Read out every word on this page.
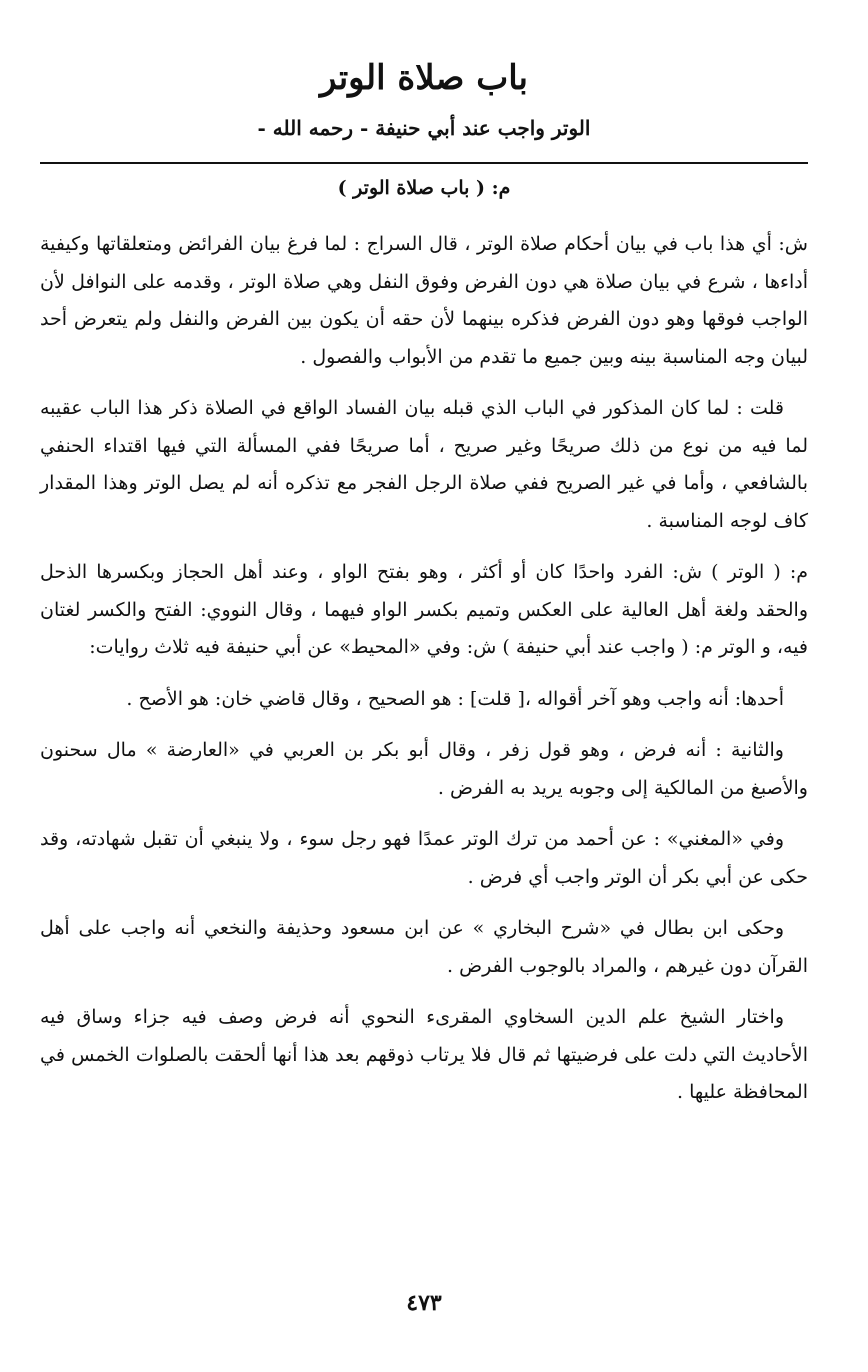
باب صلاة الوتر
الوتر واجب عند أبي حنيفة - رحمه الله -
م: ( باب صلاة الوتر )

ش: أي هذا باب في بيان أحكام صلاة الوتر ، قال السراج : لما فرغ بيان الفرائض ومتعلقاتها وكيفية أداءها ، شرع في بيان صلاة هي دون الفرض وفوق النفل وهي صلاة الوتر ، وقدمه على النوافل لأن الواجب فوقها وهو دون الفرض فذكره بينهما لأن حقه أن يكون بين الفرض والنفل ولم يتعرض أحد لبيان وجه المناسبة بينه وبين جميع ما تقدم من الأبواب والفصول .

قلت : لما كان المذكور في الباب الذي قبله بيان الفساد الواقع في الصلاة ذكر هذا الباب عقيبه لما فيه من نوع من ذلك صريحًا وغير صريح ، أما صريحًا ففي المسألة التي فيها اقتداء الحنفي بالشافعي ، وأما في غير الصريح ففي صلاة الرجل الفجر مع تذكره أنه لم يصل الوتر وهذا المقدار كاف لوجه المناسبة .

م: ( الوتر ) ش: الفرد واحدًا كان أو أكثر ، وهو بفتح الواو ، وعند أهل الحجاز وبكسرها الذحل والحقد ولغة أهل العالية على العكس وتميم بكسر الواو فيهما ، وقال النووي: الفتح والكسر لغتان فيه، و الوتر م: ( واجب عند أبي حنيفة ) ش: وفي «المحيط» عن أبي حنيفة فيه ثلاث روايات:

أحدها: أنه واجب وهو آخر أقواله ،[ قلت] : هو الصحيح ، وقال قاضي خان: هو الأصح .

والثانية : أنه فرض ، وهو قول زفر ، وقال أبو بكر بن العربي في «العارضة » مال سحنون والأصبغ من المالكية إلى وجوبه يريد به الفرض .

وفي «المغني» : عن أحمد من ترك الوتر عمدًا فهو رجل سوء ، ولا ينبغي أن تقبل شهادته، وقد حكى عن أبي بكر أن الوتر واجب أي فرض .

وحكى ابن بطال في «شرح البخاري » عن ابن مسعود وحذيفة والنخعي أنه واجب على أهل القرآن دون غيرهم ، والمراد بالوجوب الفرض .

واختار الشيخ علم الدين السخاوي المقرىء النحوي أنه فرض وصف فيه جزاء وساق فيه الأحاديث التي دلت على فرضيتها ثم قال فلا يرتاب ذوقهم بعد هذا أنها ألحقت بالصلوات الخمس في المحافظة عليها .

٤٧٣
